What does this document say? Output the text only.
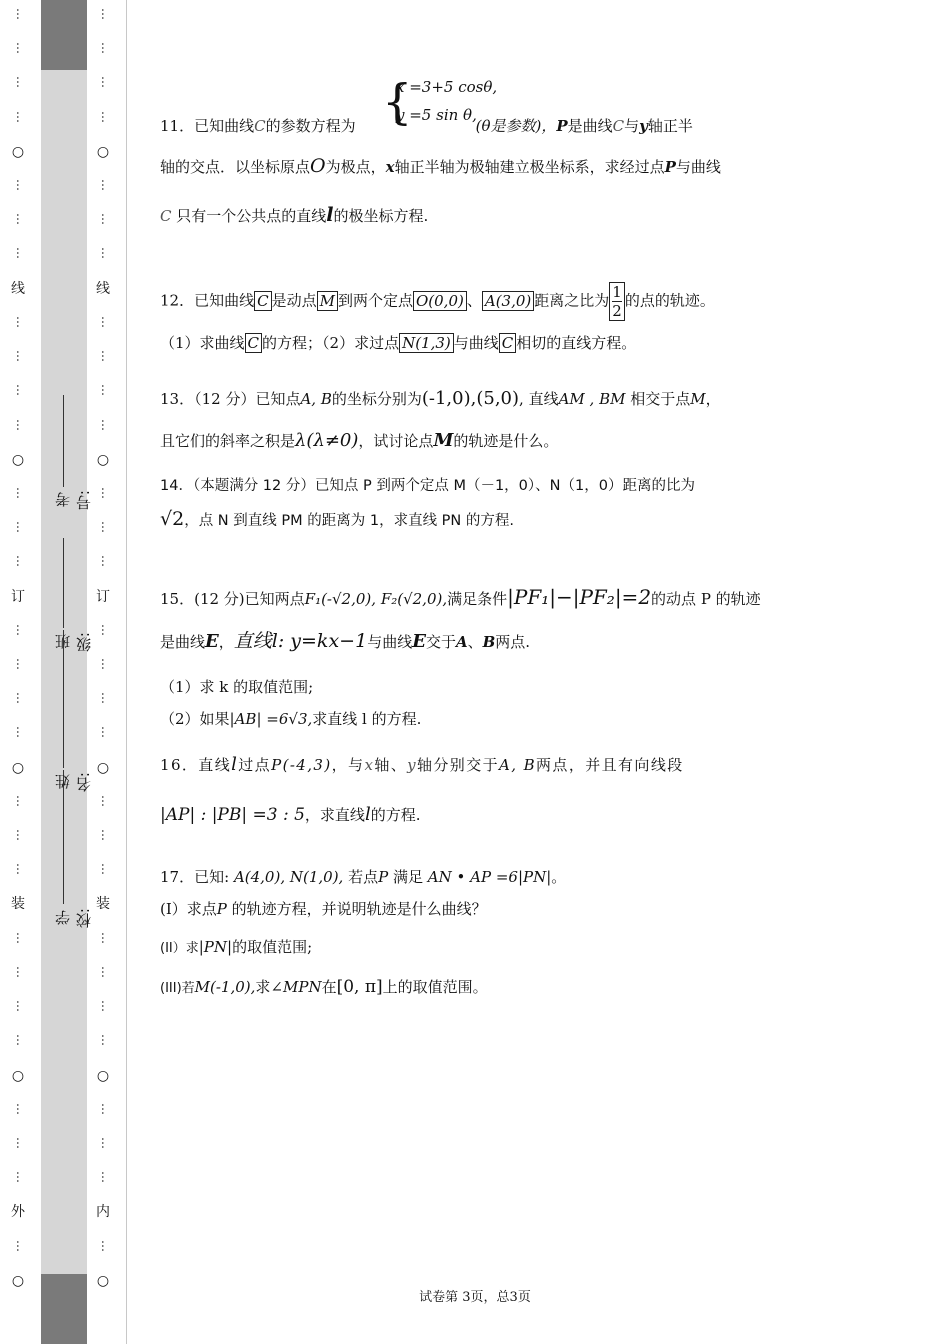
…
…
…
…
○
…
…
…
线
…
…
…
…
○
…
…
…
订
…
…
…
…
○
…
…
…
装
…
…
…
…
○
…
…
…
外
…
○
…
…
…
…
○
…
…
…
线
…
…
…
…
○
…
…
…
订
…
…
…
…
○
…
…
…
装
…
…
…
…
○
…
…
…
内
…
○
学校:
姓名:
班级:
考号:
{
x =3+5 cosθ,
y =5 sin θ,
11．已知曲线C的参数方程为	(θ是参数)，P是曲线C与y轴正半
轴的交点．以坐标原点O为极点，x轴正半轴为极轴建立极坐标系，求经过点P与曲线
C 只有一个公共点的直线l的极坐标方程.
12．已知曲线 C 是动点 M 到两个定点 O(0,0) 、 A(3,0) 距离之比为 $\frac{1}{2}$的点的轨迹。
（1）求曲线 C 的方程；（2）求过点 N(1,3) 与曲线 C 相切的直线方程。
13．（12 分）已知点A, B的坐标分别为(-1,0),(5,0), 直线AM , BM 相交于点M，
且它们的斜率之积是λ(λ≠0)，试讨论点M的轨迹是什么。
14．（本题满分 12 分）已知点 P 到两个定点 M（－1，0）、N（1，0）距离的比为
√2，点 N 到直线 PM 的距离为 1，求直线 PN 的方程.
15．(12 分)已知两点F₁(-√2,0), F₂(√2,0),满足条件|PF₁|−|PF₂|=2的动点 P 的轨迹
是曲线E，直线l: y=kx−1与曲线E交于A、B两点.
（1）求 k 的取值范围;
（2）如果|AB| =6√3,求直线 l 的方程.
16．直线l过点P(-4,3)，与x轴、y轴分别交于A, B两点，并且有向线段
|AP| : |PB| =3 : 5，求直线l的方程.
17．已知: A(4,0), N(1,0), 若点P 满足 AN • AP =6|PN|。
(I）求点P 的轨迹方程，并说明轨迹是什么曲线？
(II）求|PN|的取值范围;
(III)若M(-1,0),求∠MPN在[0, π]上的取值范围。
试卷第 3页，总3页
